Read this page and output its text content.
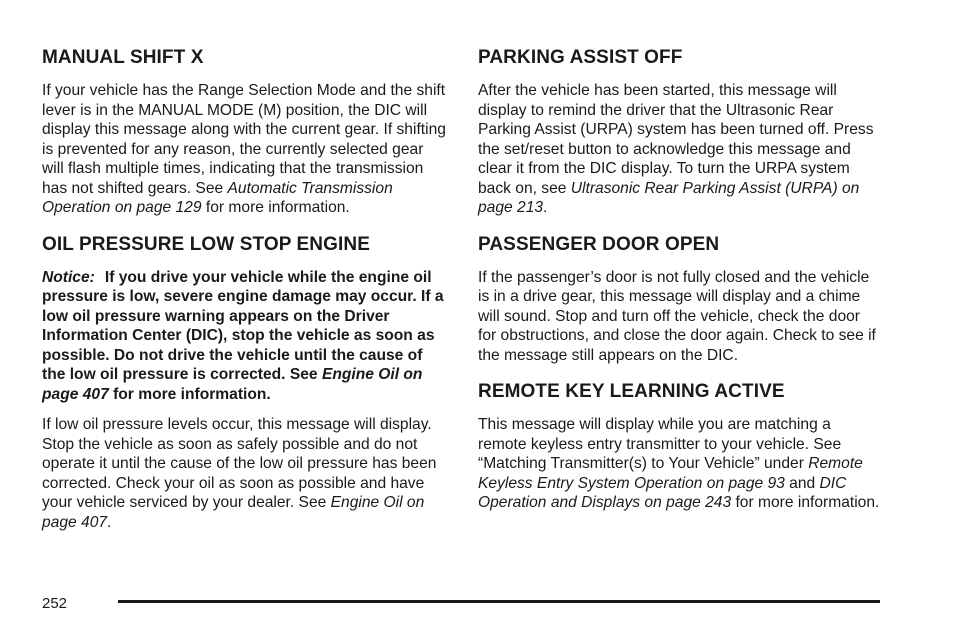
MANUAL SHIFT X

If your vehicle has the Range Selection Mode and the shift lever is in the MANUAL MODE (M) position, the DIC will display this message along with the current gear. If shifting is prevented for any reason, the currently selected gear will flash multiple times, indicating that the transmission has not shifted gears. See Automatic Transmission Operation on page 129 for more information.

OIL PRESSURE LOW STOP ENGINE

Notice: If you drive your vehicle while the engine oil pressure is low, severe engine damage may occur. If a low oil pressure warning appears on the Driver Information Center (DIC), stop the vehicle as soon as possible. Do not drive the vehicle until the cause of the low oil pressure is corrected. See Engine Oil on page 407 for more information.

If low oil pressure levels occur, this message will display. Stop the vehicle as soon as safely possible and do not operate it until the cause of the low oil pressure has been corrected. Check your oil as soon as possible and have your vehicle serviced by your dealer. See Engine Oil on page 407.

PARKING ASSIST OFF

After the vehicle has been started, this message will display to remind the driver that the Ultrasonic Rear Parking Assist (URPA) system has been turned off. Press the set/reset button to acknowledge this message and clear it from the DIC display. To turn the URPA system back on, see Ultrasonic Rear Parking Assist (URPA) on page 213.

PASSENGER DOOR OPEN

If the passenger’s door is not fully closed and the vehicle is in a drive gear, this message will display and a chime will sound. Stop and turn off the vehicle, check the door for obstructions, and close the door again. Check to see if the message still appears on the DIC.

REMOTE KEY LEARNING ACTIVE

This message will display while you are matching a remote keyless entry transmitter to your vehicle. See “Matching Transmitter(s) to Your Vehicle” under Remote Keyless Entry System Operation on page 93 and DIC Operation and Displays on page 243 for more information.

252
